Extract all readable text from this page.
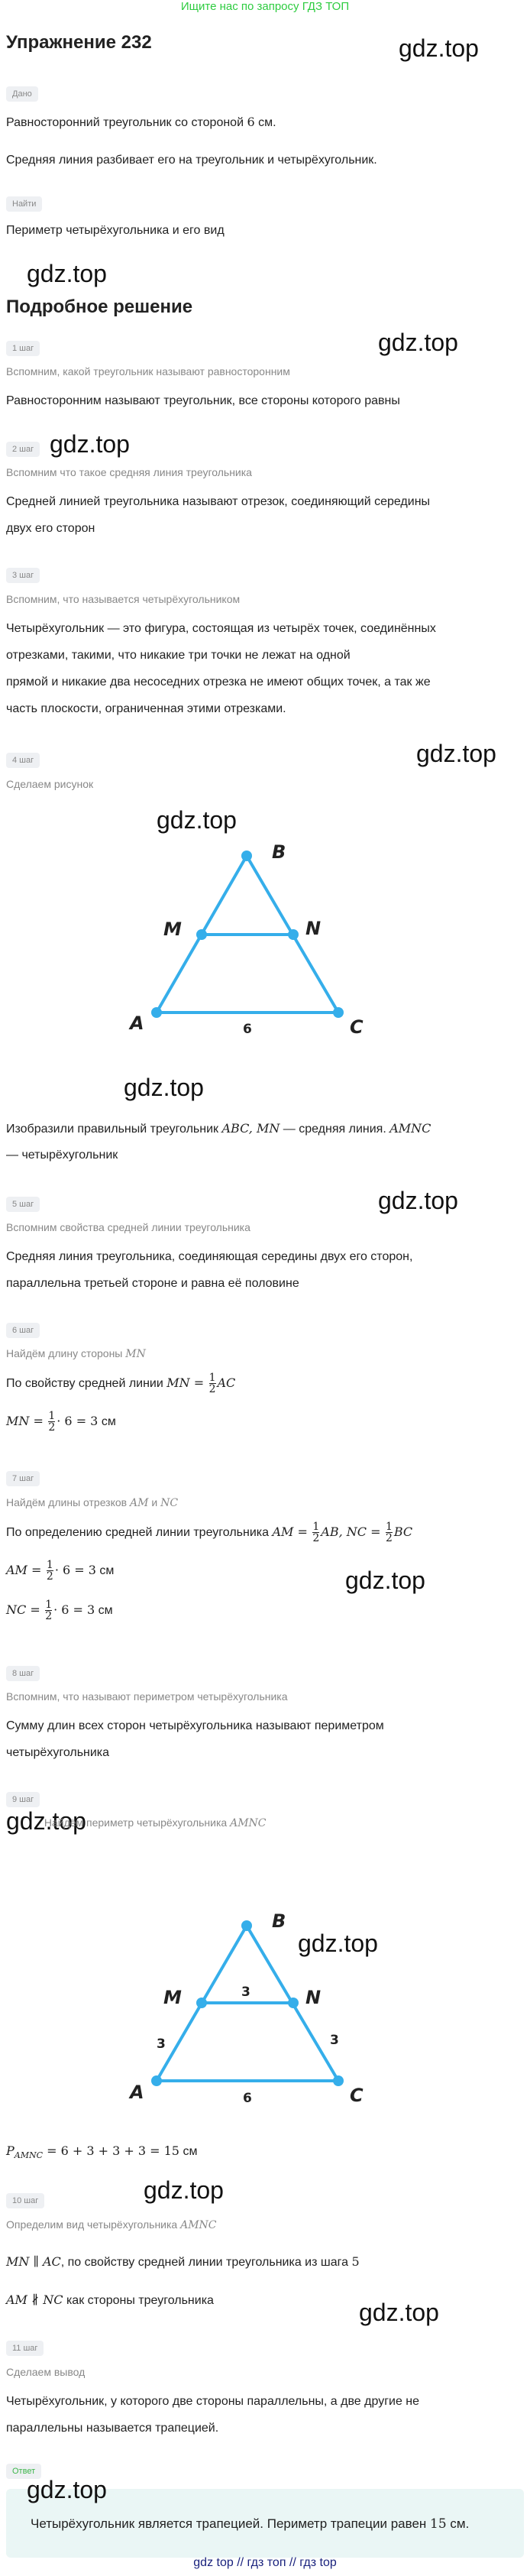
Ищите нас по запросу ГДЗ ТОП
Упражнение 232	gdz.top
Дано
Равносторонний треугольник со стороной 6 см.
Средняя линия разбивает его на треугольник и четырёхугольник.
Найти
Периметр четырёхугольника и его вид
gdz.top
Подробное решение
1 шаг	gdz.top
Вспомним, какой треугольник называют равносторонним
Равносторонним называют треугольник, все стороны которого равны
2 шаг gdz.top
Вспомним что такое средняя линия треугольника
Средней линией треугольника называют отрезок, соединяющий середины
двух его сторон
3 шаг
Вспомним, что называется четырёхугольником
Четырёхугольник — это фигура, состоящая из четырёх точек, соединённых
отрезками, такими, что никакие три точки не лежат на одной
прямой и никакие два несоседних отрезка не имеют общих точек, а так же
часть плоскости, ограниченная этими отрезками.
4 шаг	gdz.top
Сделаем рисунок
gdz.top
B
A	C
M	N
6
B
A	C
M	N
6
3
3	3
gdz.top
Изобразили правильный треугольник ABC, MN — средняя линия. AMNC
— четырёхугольник
gdz.top
5 шаг
Вспомним свойства средней линии треугольника
Средняя линия треугольника, соединяющая середины двух его сторон,
параллельна третьей стороне и равна её половине
6 шаг
Найдём длину стороны MN
По свойству средней линии MN = $\frac{1}{2}$ AC
MN = $\frac{1}{2} \cdot 6 = 3$ см
7 шаг
Найдём длины отрезков AM и NC
По определению средней линии треугольника AM = $\frac{1}{2}$ AB, NC = $\frac{1}{2}$ BC
AM = $\frac{1}{2} \cdot 6 = 3$ см	gdz.top
NC = $\frac{1}{2} \cdot 6 = 3$ см
8 шаг
Вспомним, что называют периметром четырёхугольника
Сумму длин всех сторон четырёхугольника называют периметром
четырёхугольника
9 шаг
gdz.top
Найдём периметр четырёхугольника AMNC
gdz.top
$P_{AMNC} = 6 + 3 + 3 + 3 = 15$ см
gdz.top
10 шаг
Определим вид четырёхугольника AMNC
MN ∥ AC, по свойству средней линии треугольника из шага 5
AM ∦ NC как стороны треугольника	gdz.top
11 шаг
Сделаем вывод
Четырёхугольник, у которого две стороны параллельны, а две другие не
параллельны называется трапецией.
Ответ
gdz.top
Четырёхугольник является трапецией. Периметр трапеции равен 15 см.
gdz top // гдз топ // гдз top
